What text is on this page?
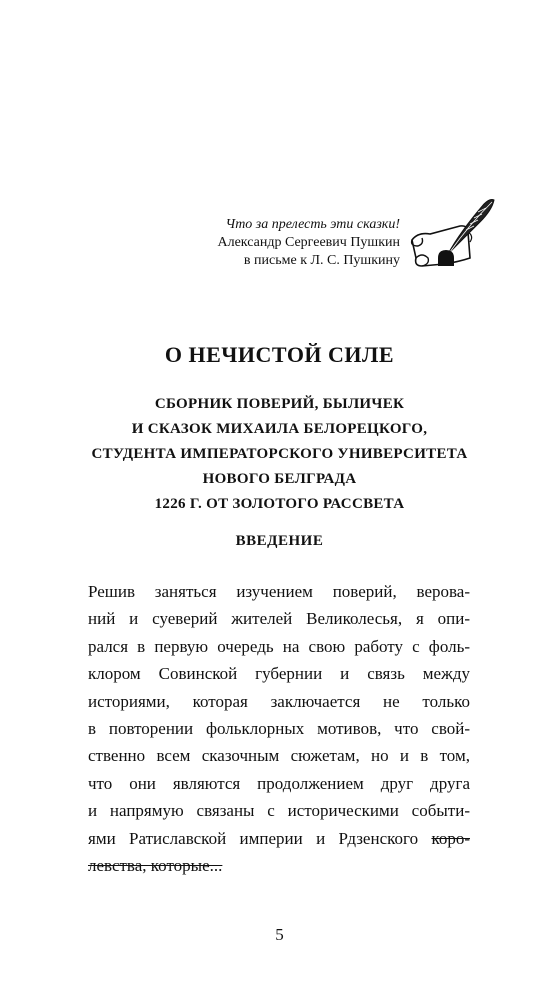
Что за прелесть эти сказки!
Александр Сергеевич Пушкин
в письме к Л. С. Пушкину
О НЕЧИСТОЙ СИЛЕ
СБОРНИК ПОВЕРИЙ, БЫЛИЧЕК
И СКАЗОК МИХАИЛА БЕЛОРЕЦКОГО,
СТУДЕНТА ИМПЕРАТОРСКОГО УНИВЕРСИТЕТА
НОВОГО БЕЛГРАДА
1226 Г. ОТ ЗОЛОТОГО РАССВЕТА
ВВЕДЕНИЕ
Решив заняться изучением поверий, верова-
ний и суеверий жителей Великолесья, я опи-
рался в первую очередь на свою работу с фоль-
клором Совинской губернии и связь между
историями, которая заключается не только
в повторении фольклорных мотивов, что свой-
ственно всем сказочным сюжетам, но и в том,
что они являются продолжением друг друга
и напрямую связаны с историческими событи-
ями Ратиславской империи и Рдзенского коро-
левства, которые...
5
